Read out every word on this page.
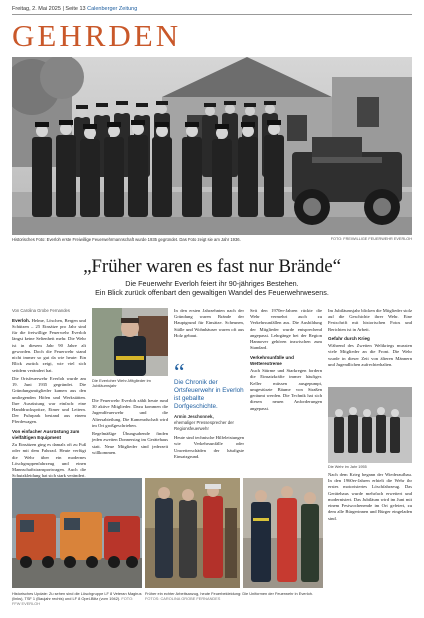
Freitag, 2. Mai 2025 | Seite 13 Calenberger Zeitung
GEHRDEN
Historisches Foto: Everloh erste Freiwillige Feuerwehrmannschaft wurde 1935 gegründet. Das Foto zeigt sie am Jahr 1936.	FOTO: FREIWILLIGE FEUERWEHR EVERLOH
„Früher waren es fast nur Brände“
Die Feuerwehr Everloh feiert ihr 90-jähriges Bestehen.
Ein Blick zurück offenbart den gewaltigen Wandel des Feuerwehrwesens.
Von Carolina Grobe Fernandes

Everloh. Helme, Löschen, Bergen und Schützen – 25 Einsätze pro Jahr sind für die freiwillige Feuerwehr Everloh längst keine Seltenheit mehr. Die Wehr ist in diesem Jahr 90 Jahre alt geworden. Doch die Feuerwehr stand nicht immer so gut da wie heute: Ein Blick zurück zeigt, wie viel sich seitdem verändert hat.

Die Ortsfeuerwehr Everloh wurde am 19. Juni 1935 gegründet. Die Gründungsmitglieder kamen aus den umliegenden Höfen und Werkstätten. Ihre Ausrüstung war einfach: eine Handdruckspritze, Eimer und Leitern. Der Fuhrpark bestand aus einem Pferdewagen.

Von einfacher Ausrüstung zum vielfältigen Equipment

Zu Einsätzen ging es damals oft zu Fuß oder mit dem Fahrrad. Heute verfügt die Wehr über ein modernes Löschgruppenfahrzeug und einen Mannschaftstransportwagen. Auch die Schutzkleidung hat sich stark verändert.

Die Everloher Wehr-Mitglieder im Jubiläumsjahr

Die Feuerwehr Everloh zählt heute rund 30 aktive Mitglieder. Dazu kommen die Jugendfeuerwehr und die Altersabteilung. Die Kameradschaft wird im Ort großgeschrieben.

Regelmäßige Übungsabende finden jeden zweiten Donnerstag im Gerätehaus statt. Neue Mitglieder sind jederzeit willkommen.

In den ersten Jahrzehnten nach der Gründung waren Brände der Hauptgrund für Einsätze. Scheunen, Ställe und Wohnhäuser waren oft aus Holz gebaut.

“
Die Chronik der Ortsfeuerwehr in Everloh ist geballte Dorfgeschichte.
Armin Jeschonnek,
ehemaliger Pressesprecher der Regionsfeuerwehr

Heute sind technische Hilfeleistungen wie Verkehrsunfälle oder Unwetterschäden der häufigste Einsatzgrund.

Seit den 1970er-Jahren rückte die Wehr vermehrt auch zu Verkehrsunfällen aus. Die Ausbildung der Mitglieder wurde entsprechend angepasst. Lehrgänge bei der Region Hannover gehören inzwischen zum Standard.

Verkehrsunfälle und Wetterextreme

Auch Stürme und Starkregen fordern die Einsatzkräfte immer häufiger. Keller müssen ausgepumpt, umgestürzte Bäume von Straßen geräumt werden. Die Technik hat sich diesen neuen Anforderungen angepasst.

Im Jubiläumsjahr blicken die Mitglieder stolz auf die Geschichte ihrer Wehr. Eine Festschrift mit historischen Fotos und Berichten ist in Arbeit.

Gefahr durch Krieg

Während des Zweiten Weltkriegs mussten viele Mitglieder an die Front. Die Wehr wurde in dieser Zeit von älteren Männern und Jugendlichen aufrechterhalten.

Die Wehr im Jahr 1955

Nach dem Krieg begann der Wiederaufbau. In den 1960er-Jahren erhielt die Wehr ihr erstes motorisiertes Löschfahrzeug. Das Gerätehaus wurde mehrfach erweitert und modernisiert. Das Jubiläum wird im Juni mit einem Festwochenende im Ort gefeiert, zu dem alle Bürgerinnen und Bürger eingeladen sind.

Historisches Update: Zu sehen sind die Löschgruppe LF 8 Veteran Magirus (links), TSF 1 (Baujahr rechts) und LF 8 Opel-Blitz (vorn 1942). FOTO: FFW EVERLOH
Früher ein echter Arbeitsanzug, heute Feuerbekleidung: Die Uniformen der Feuerwehr in Everloh. FOTOS: CAROLINA GROBE FERNANDES
